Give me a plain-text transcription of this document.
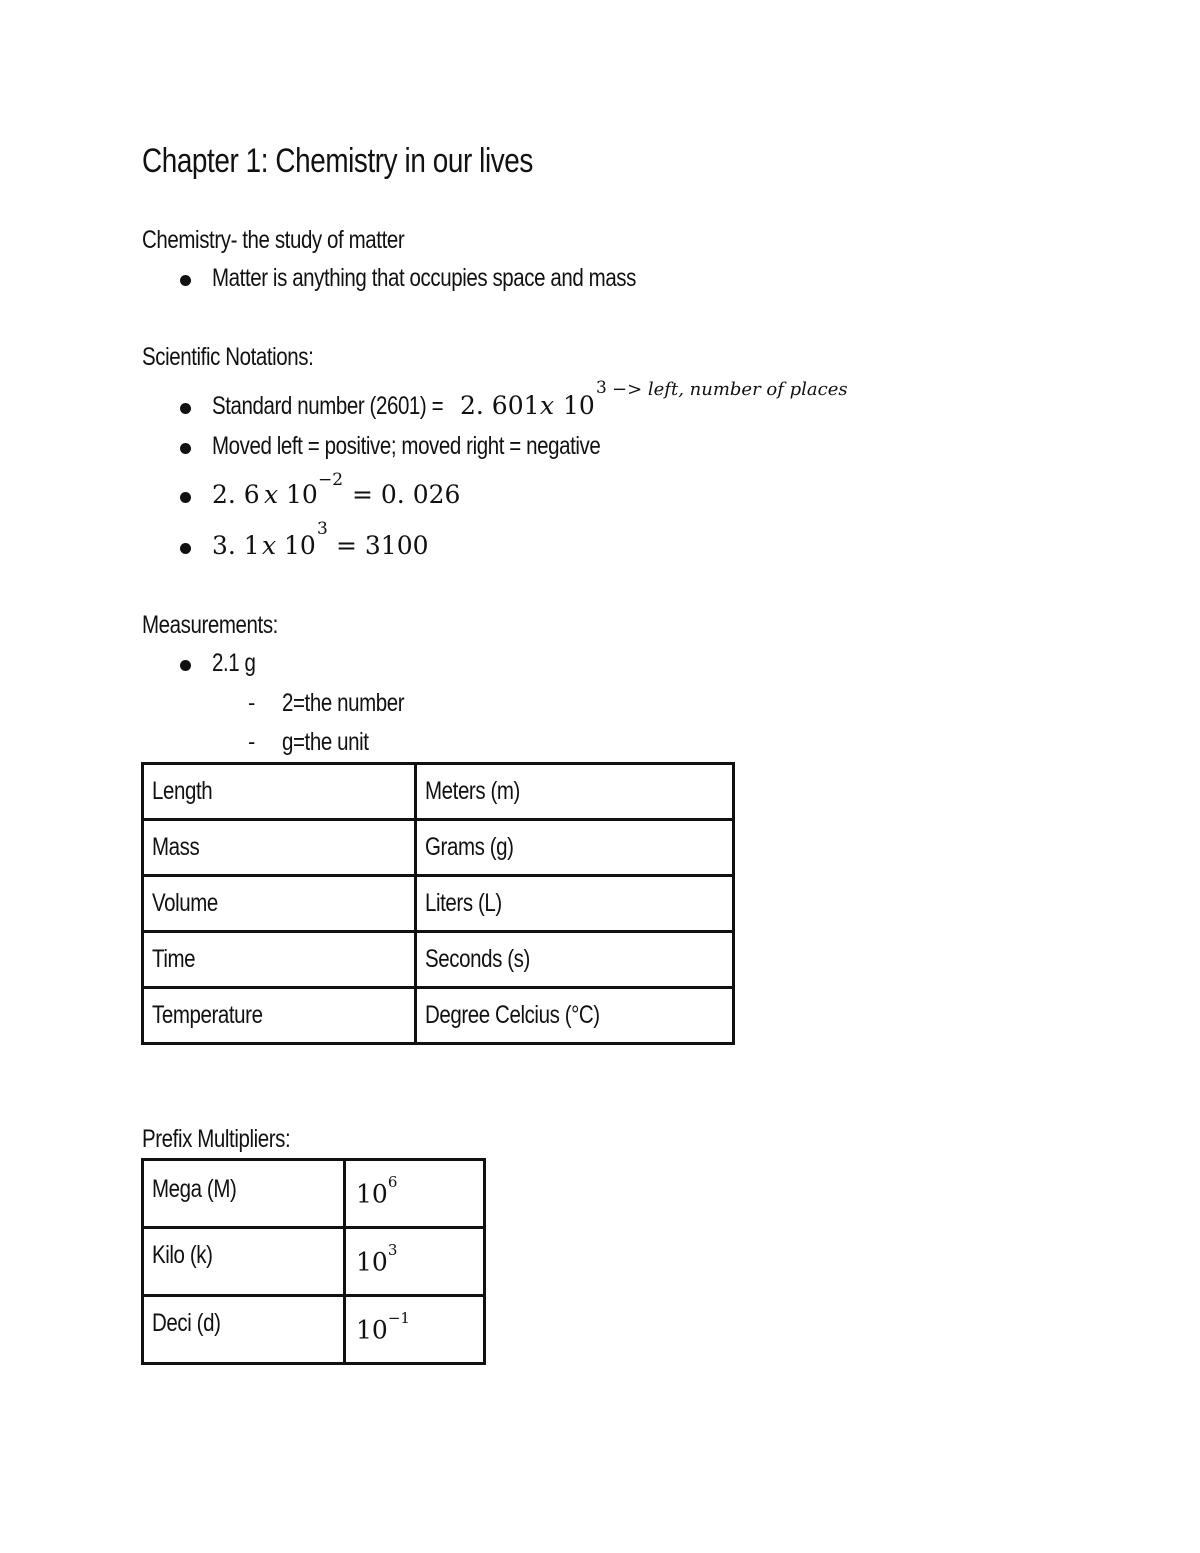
Chapter 1: Chemistry in our lives
Chemistry- the study of matter
Matter is anything that occupies space and mass
Scientific Notations:
Standard number (2601) = 2. 601 x 10
3 −> left, number of places
Moved left = positive; moved right = negative
2. 6 x 10 −2 = 0. 026
3. 1 x 10
3
= 3100
Measurements:
2.1 g
- 2=the number
- g=the unit
Length	Meters (m)
Mass	Grams (g)
Volume	Liters (L)
Time	Seconds (s)
Temperature	Degree Celcius (°C)
Prefix Multipliers:
Mega (M)	$10^6$
Kilo (k)	$10^3$
Deci (d)	$10^{-1}$
